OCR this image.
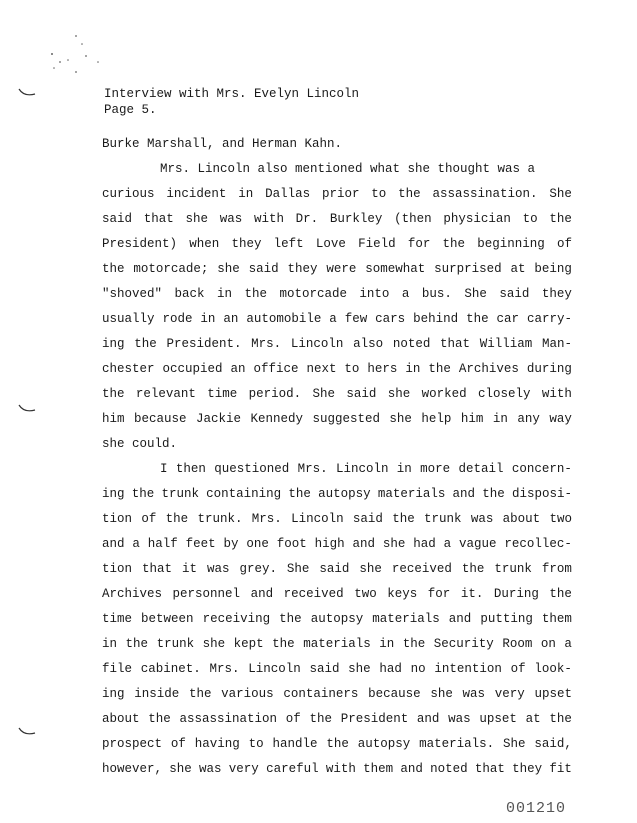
Interview with Mrs. Evelyn Lincoln
Page 5.
Burke Marshall, and Herman Kahn.
Mrs. Lincoln also mentioned what she thought was a
curious incident in Dallas prior to the assassination. She
said that she was with Dr. Burkley (then physician to the
President) when they left Love Field for the beginning of
the motorcade; she said they were somewhat surprised at being
"shoved" back in the motorcade into a bus. She said they
usually rode in an automobile a few cars behind the car carry-
ing the President. Mrs. Lincoln also noted that William Man-
chester occupied an office next to hers in the Archives during
the relevant time period. She said she worked closely with
him because Jackie Kennedy suggested she help him in any way
she could.
I then questioned Mrs. Lincoln in more detail concern-
ing the trunk containing the autopsy materials and the disposi-
tion of the trunk. Mrs. Lincoln said the trunk was about two
and a half feet by one foot high and she had a vague recollec-
tion that it was grey. She said she received the trunk from
Archives personnel and received two keys for it. During the
time between receiving the autopsy materials and putting them
in the trunk she kept the materials in the Security Room on a
file cabinet. Mrs. Lincoln said she had no intention of look-
ing inside the various containers because she was very upset
about the assassination of the President and was upset at the
prospect of having to handle the autopsy materials. She said,
however, she was very careful with them and noted that they fit
001210
